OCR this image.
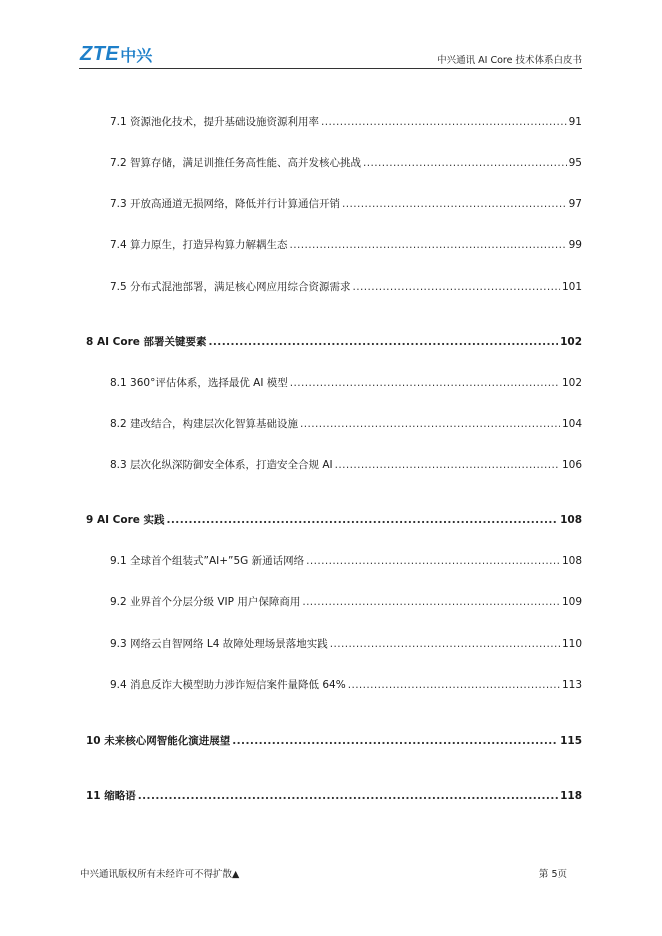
ZTE 中兴	中兴通讯 AI Core 技术体系白皮书
7.1 资源池化技术，提升基础设施资源利用率 .....	91
7.2 智算存储，满足训推任务高性能、高并发核心挑战 .....	95
7.3 开放高通道无损网络，降低并行计算通信开销 .....	97
7.4 算力原生，打造异构算力解耦生态 .....	99
7.5 分布式混池部署，满足核心网应用综合资源需求 .....	101
8 AI Core 部署关键要素 .....	102
8.1 360°评估体系，选择最优 AI 模型 .....	102
8.2 建改结合，构建层次化智算基础设施 .....	104
8.3 层次化纵深防御安全体系，打造安全合规 AI .....	106
9 AI Core 实践 .....	108
9.1 全球首个组装式”AI+”5G 新通话网络 .....	108
9.2 业界首个分层分级 VIP 用户保障商用 .....	109
9.3 网络云自智网络 L4 故障处理场景落地实践 .....	110
9.4 消息反诈大模型助力涉诈短信案件量降低 64% .....	113
10 未来核心网智能化演进展望 .....	115
11 缩略语 .....	118
中兴通讯版权所有未经许可不得扩散▲	第 5页
